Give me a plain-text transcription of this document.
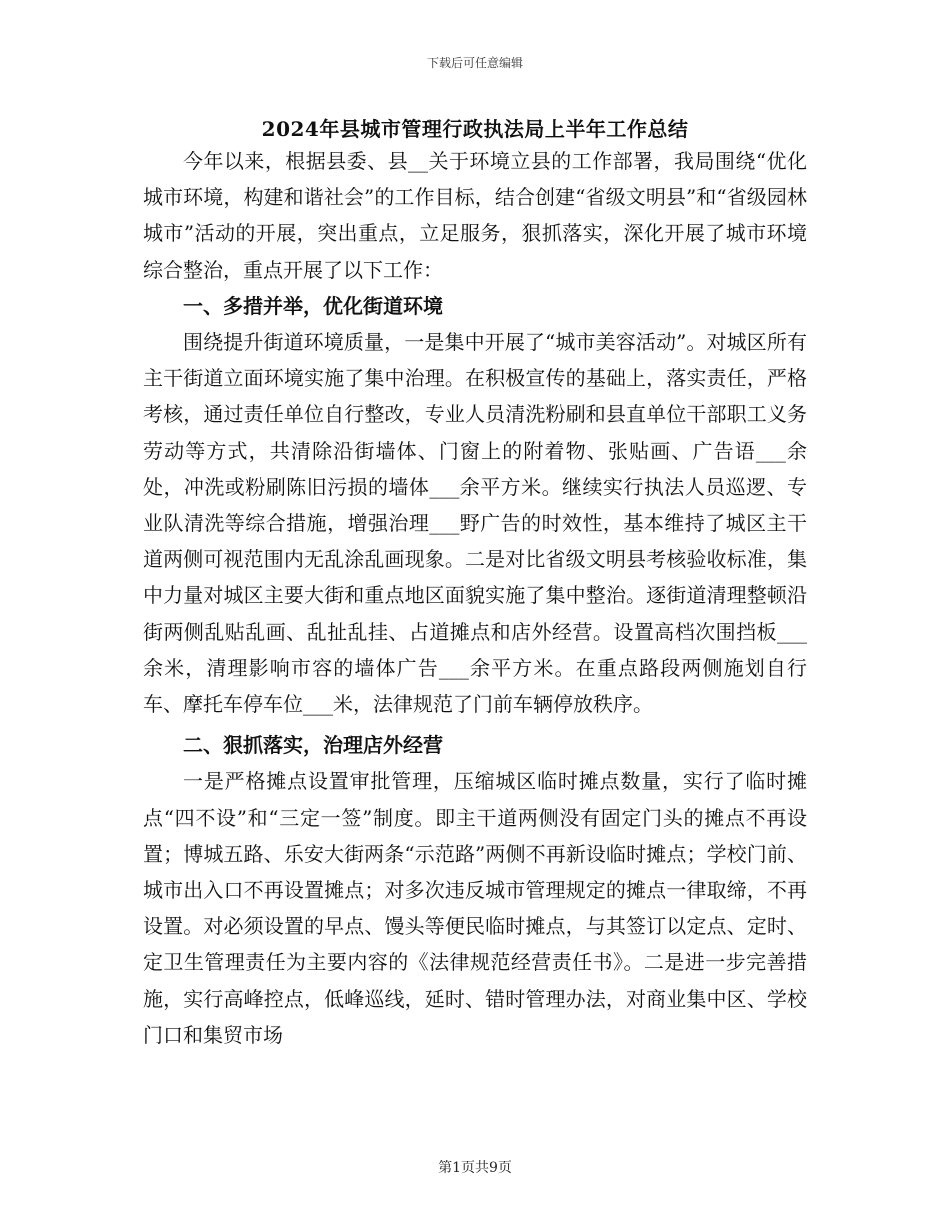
下载后可任意编辑
2024年县城市管理行政执法局上半年工作总结

今年以来，根据县委、县__关于环境立县的工作部署，我局围绕“优化城市环境，构建和谐社会”的工作目标，结合创建“省级文明县”和“省级园林城市”活动的开展，突出重点，立足服务，狠抓落实，深化开展了城市环境综合整治，重点开展了以下工作：

一、多措并举，优化街道环境

围绕提升街道环境质量，一是集中开展了“城市美容活动”。对城区所有主干街道立面环境实施了集中治理。在积极宣传的基础上，落实责任，严格考核，通过责任单位自行整改，专业人员清洗粉刷和县直单位干部职工义务劳动等方式，共清除沿街墙体、门窗上的附着物、张贴画、广告语___余处，冲洗或粉刷陈旧污损的墙体___余平方米。继续实行执法人员巡逻、专业队清洗等综合措施，增强治理___野广告的时效性，基本维持了城区主干道两侧可视范围内无乱涂乱画现象。二是对比省级文明县考核验收标准，集中力量对城区主要大街和重点地区面貌实施了集中整治。逐街道清理整顿沿街两侧乱贴乱画、乱扯乱挂、占道摊点和店外经营。设置高档次围挡板___余米，清理影响市容的墙体广告___余平方米。在重点路段两侧施划自行车、摩托车停车位___米，法律规范了门前车辆停放秩序。

二、狠抓落实，治理店外经营

一是严格摊点设置审批管理，压缩城区临时摊点数量，实行了临时摊点“四不设”和“三定一签”制度。即主干道两侧没有固定门头的摊点不再设置；博城五路、乐安大街两条“示范路”两侧不再新设临时摊点；学校门前、城市出入口不再设置摊点；对多次违反城市管理规定的摊点一律取缔，不再设置。对必须设置的早点、馒头等便民临时摊点，与其签订以定点、定时、定卫生管理责任为主要内容的《法律规范经营责任书》。二是进一步完善措施，实行高峰控点，低峰巡线，延时、错时管理办法，对商业集中区、学校门口和集贸市场

第1页共9页
